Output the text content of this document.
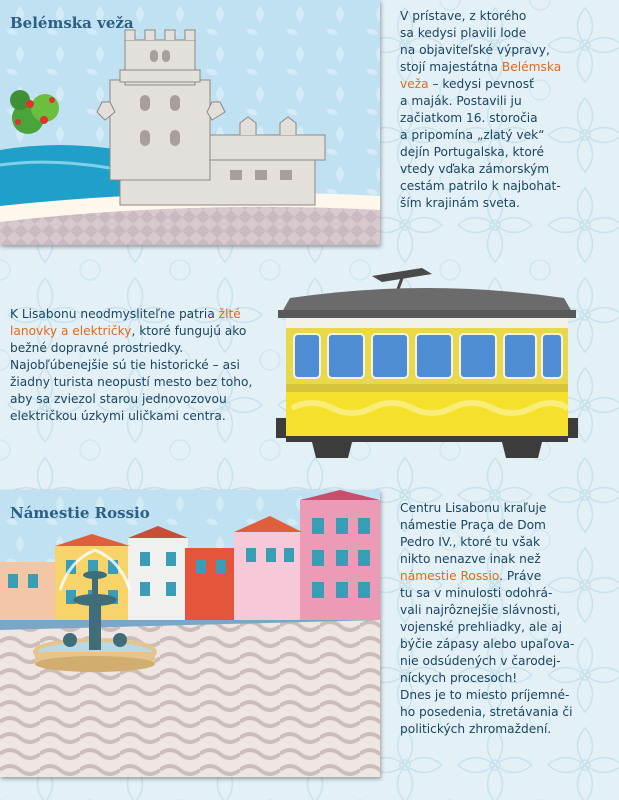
Belémska veža	V prístave, z ktorého
sa kedysi plavili lode
na objaviteľské výpravy,
stojí majestátna Belémska
veža – kedysi pevnosť
a maják. Postavili ju
začiatkom 16. storočia
a pripomína „zlatý vek“
dejín Portugalska, ktoré
vtedy vďaka zámorským
cestám patrilo k najbohat-
ším krajinám sveta.
K Lisabonu neodmysliteľne patria žlté
lanovky a električky, ktoré fungujú ako
bežné dopravné prostriedky.
Najobľúbenejšie sú tie historické – asi
žiadny turista neopustí mesto bez toho,
aby sa zviezol starou jednovozovou
električkou úzkymi uličkami centra.
Námestie Rossio	Centru Lisabonu kraľuje
námestie Praça de Dom
Pedro IV., ktoré tu však
nikto nenazve inak než
námestie Rossio. Práve
tu sa v minulosti odohrá-
vali najrôznejšie slávnosti,
vojenské prehliadky, ale aj
býčie zápasy alebo upaľova-
nie odsúdených v čarodej-
níckych procesoch!
Dnes je to miesto príjemné-
ho posedenia, stretávania či
politických zhromaždení.
